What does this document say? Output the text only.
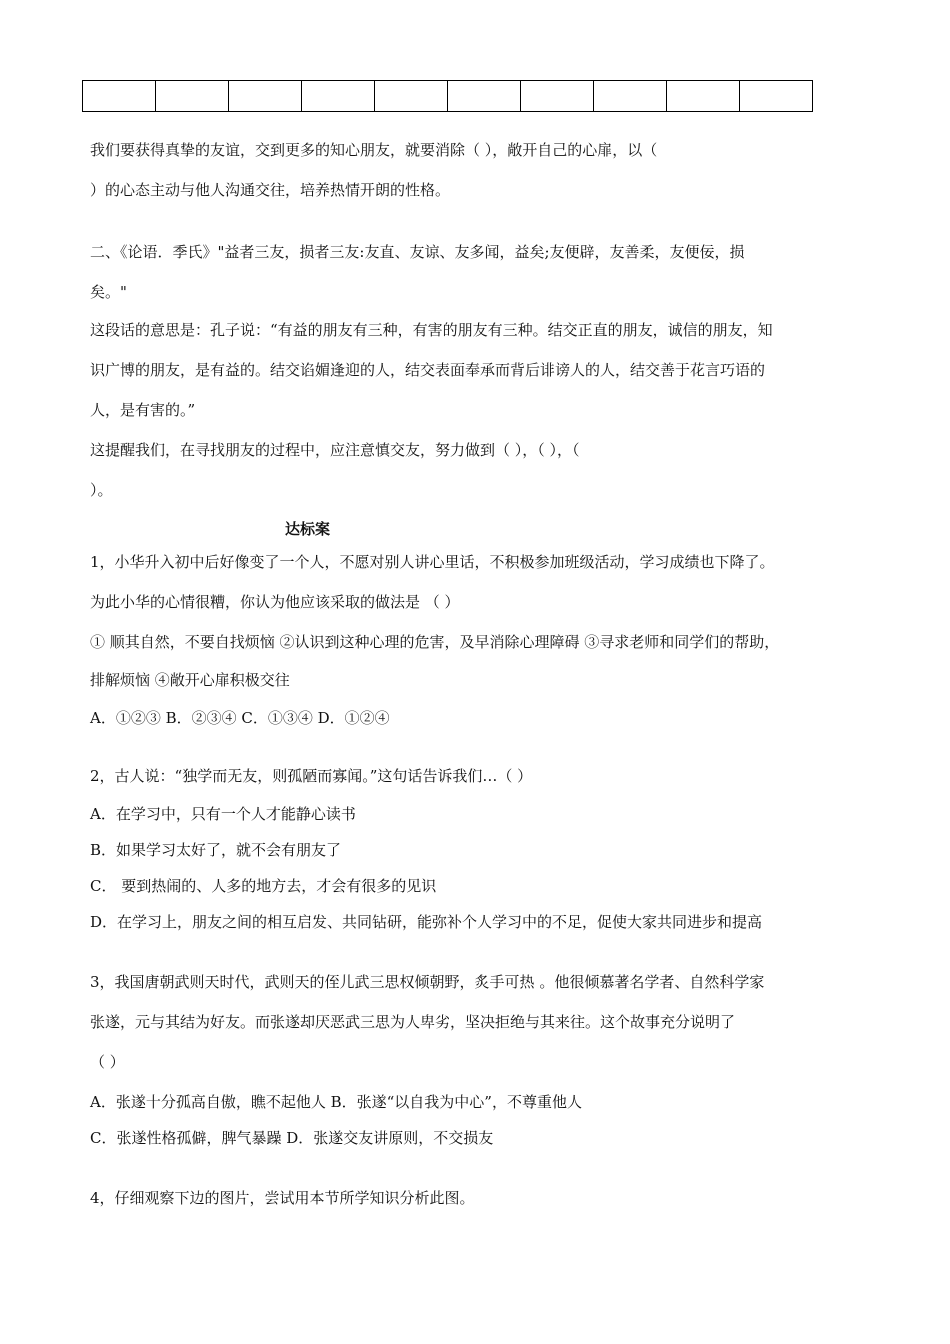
我们要获得真挚的友谊，交到更多的知心朋友，就要消除（ ），敞开自己的心扉，以（
）的心态主动与他人沟通交往，培养热情开朗的性格。
二、《论语．季氏》"益者三友，损者三友:友直、友谅、友多闻，益矣;友便辟，友善柔，友便佞，损
矣。"
这段话的意思是：孔子说：“有益的朋友有三种，有害的朋友有三种。结交正直的朋友，诚信的朋友，知
识广博的朋友，是有益的。结交谄媚逢迎的人，结交表面奉承而背后诽谤人的人，结交善于花言巧语的
人，是有害的。”
这提醒我们，在寻找朋友的过程中，应注意慎交友，努力做到（ ），（ ），（
）。
达标案
1，小华升入初中后好像变了一个人，不愿对别人讲心里话，不积极参加班级活动，学习成绩也下降了。
为此小华的心情很糟，你认为他应该采取的做法是 （ ）
① 顺其自然，不要自找烦恼 ②认识到这种心理的危害，及早消除心理障碍 ③寻求老师和同学们的帮助，
排解烦恼 ④敞开心扉积极交往
A．①②③ B．②③④ C．①③④ D．①②④
2，古人说：“独学而无友，则孤陋而寡闻。”这句话告诉我们…（ ）
A．在学习中，只有一个人才能静心读书
B．如果学习太好了，就不会有朋友了
C． 要到热闹的、人多的地方去，才会有很多的见识
D．在学习上，朋友之间的相互启发、共同钻研，能弥补个人学习中的不足，促使大家共同进步和提高
3，我国唐朝武则天时代，武则天的侄儿武三思权倾朝野，炙手可热 。他很倾慕著名学者、自然科学家
张遂，元与其结为好友。而张遂却厌恶武三思为人卑劣，坚决拒绝与其来往。这个故事充分说明了
（ ）
A．张遂十分孤高自傲，瞧不起他人 B．张遂“以自我为中心”，不尊重他人
C．张遂性格孤僻，脾气暴躁 D．张遂交友讲原则，不交损友
4，仔细观察下边的图片，尝试用本节所学知识分析此图。
